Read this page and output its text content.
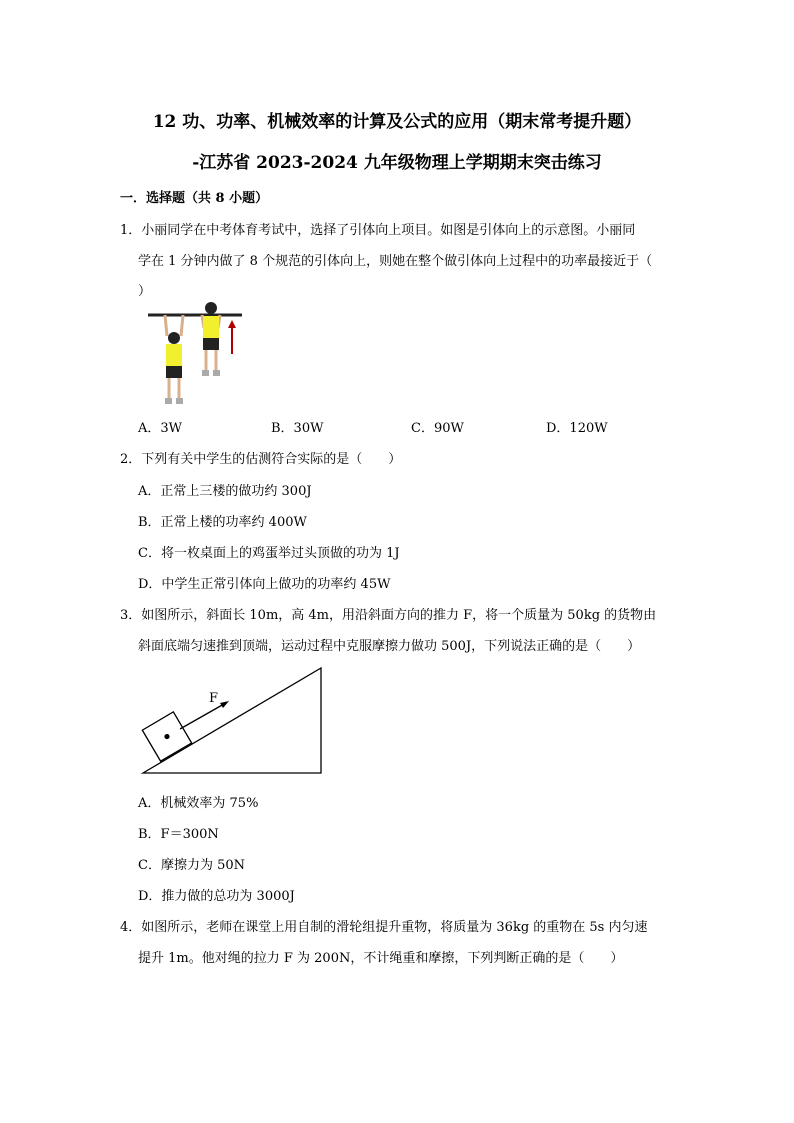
12 功、功率、机械效率的计算及公式的应用（期末常考提升题）
-江苏省 2023-2024 九年级物理上学期期末突击练习
一．选择题（共 8 小题）
1．小丽同学在中考体育考试中，选择了引体向上项目。如图是引体向上的示意图。小丽同
学在 1 分钟内做了 8 个规范的引体向上，则她在整个做引体向上过程中的功率最接近于（
）
A．3W	B．30W	C．90W	D．120W
2．下列有关中学生的估测符合实际的是（　　）
A．正常上三楼的做功约 300J
B．正常上楼的功率约 400W
C．将一枚桌面上的鸡蛋举过头顶做的功为 1J
D．中学生正常引体向上做功的功率约 45W
3．如图所示，斜面长 10m，高 4m，用沿斜面方向的推力 F，将一个质量为 50kg 的货物由
斜面底端匀速推到顶端，运动过程中克服摩擦力做功 500J，下列说法正确的是（　　）
F
A．机械效率为 75%
B．F＝300N
C．摩擦力为 50N
D．推力做的总功为 3000J
4．如图所示，老师在课堂上用自制的滑轮组提升重物，将质量为 36kg 的重物在 5s 内匀速
提升 1m。他对绳的拉力 F 为 200N，不计绳重和摩擦，下列判断正确的是（　　）
